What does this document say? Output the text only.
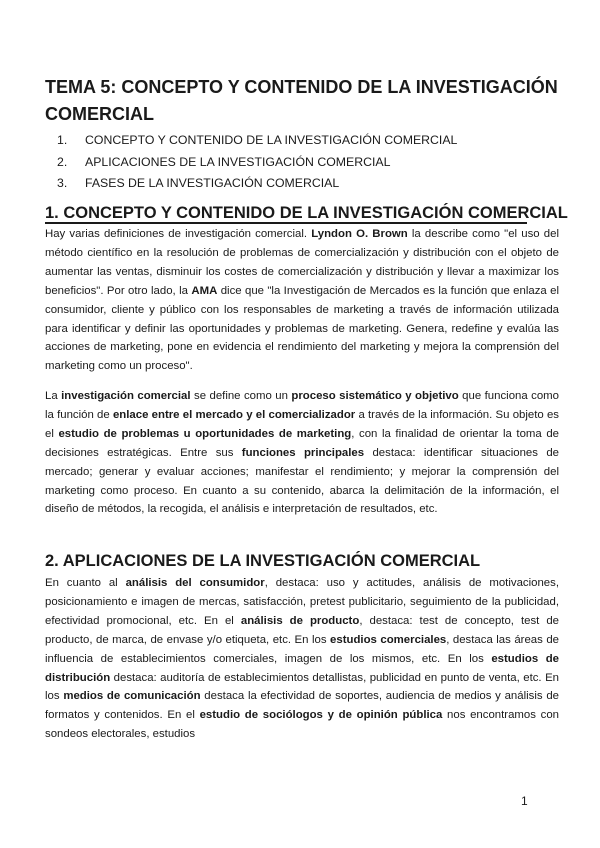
TEMA 5: CONCEPTO Y CONTENIDO DE LA INVESTIGACIÓN COMERCIAL
1. CONCEPTO Y CONTENIDO DE LA INVESTIGACIÓN COMERCIAL
2. APLICACIONES DE LA INVESTIGACIÓN COMERCIAL
3. FASES DE LA INVESTIGACIÓN COMERCIAL
1. CONCEPTO Y CONTENIDO DE LA INVESTIGACIÓN COMERCIAL

Hay varias definiciones de investigación comercial. Lyndon O. Brown la describe como "el uso del método científico en la resolución de problemas de comercialización y distribución con el objeto de aumentar las ventas, disminuir los costes de comercialización y distribución y llevar a maximizar los beneficios". Por otro lado, la AMA dice que "la Investigación de Mercados es la función que enlaza el consumidor, cliente y público con los responsables de marketing a través de información utilizada para identificar y definir las oportunidades y problemas de marketing. Genera, redefine y evalúa las acciones de marketing, pone en evidencia el rendimiento del marketing y mejora la comprensión del marketing como un proceso".

La investigación comercial se define como un proceso sistemático y objetivo que funciona como la función de enlace entre el mercado y el comercializador a través de la información. Su objeto es el estudio de problemas u oportunidades de marketing, con la finalidad de orientar la toma de decisiones estratégicas. Entre sus funciones principales destaca: identificar situaciones de mercado; generar y evaluar acciones; manifestar el rendimiento; y mejorar la comprensión del marketing como proceso. En cuanto a su contenido, abarca la delimitación de la información, el diseño de métodos, la recogida, el análisis e interpretación de resultados, etc.

2. APLICACIONES DE LA INVESTIGACIÓN COMERCIAL

En cuanto al análisis del consumidor, destaca: uso y actitudes, análisis de motivaciones, posicionamiento e imagen de mercas, satisfacción, pretest publicitario, seguimiento de la publicidad, efectividad promocional, etc. En el análisis de producto, destaca: test de concepto, test de producto, de marca, de envase y/o etiqueta, etc. En los estudios comerciales, destaca las áreas de influencia de establecimientos comerciales, imagen de los mismos, etc. En los estudios de distribución destaca: auditoría de establecimientos detallistas, publicidad en punto de venta, etc. En los medios de comunicación destaca la efectividad de soportes, audiencia de medios y análisis de formatos y contenidos. En el estudio de sociólogos y de opinión pública nos encontramos con sondeos electorales, estudios

1
